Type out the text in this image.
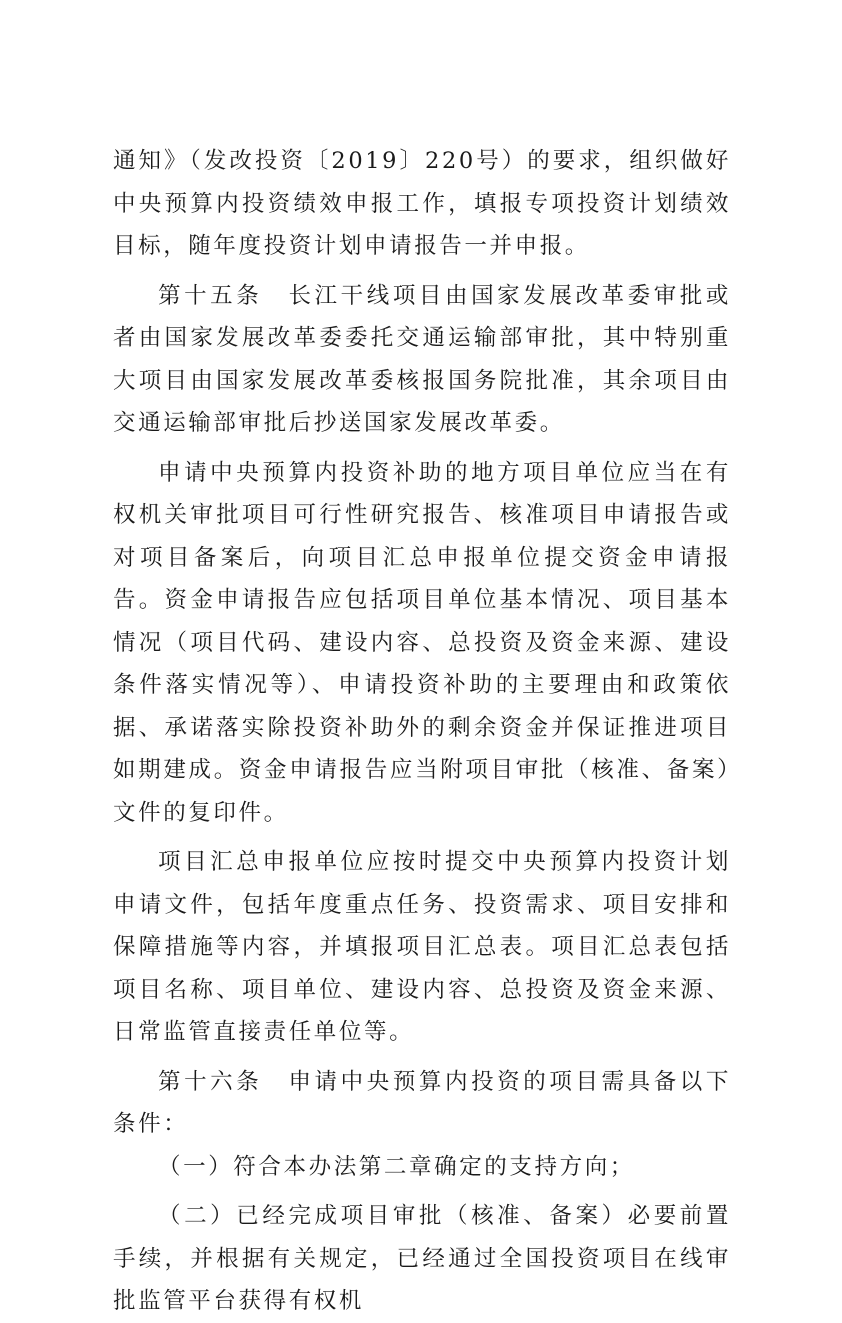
通知》（发改投资〔2019〕220号）的要求，组织做好中央预算内投资绩效申报工作，填报专项投资计划绩效目标，随年度投资计划申请报告一并申报。

第十五条　长江干线项目由国家发展改革委审批或者由国家发展改革委委托交通运输部审批，其中特别重大项目由国家发展改革委核报国务院批准，其余项目由交通运输部审批后抄送国家发展改革委。

申请中央预算内投资补助的地方项目单位应当在有权机关审批项目可行性研究报告、核准项目申请报告或对项目备案后，向项目汇总申报单位提交资金申请报告。资金申请报告应包括项目单位基本情况、项目基本情况（项目代码、建设内容、总投资及资金来源、建设条件落实情况等）、申请投资补助的主要理由和政策依据、承诺落实除投资补助外的剩余资金并保证推进项目如期建成。资金申请报告应当附项目审批（核准、备案）文件的复印件。

项目汇总申报单位应按时提交中央预算内投资计划申请文件，包括年度重点任务、投资需求、项目安排和保障措施等内容，并填报项目汇总表。项目汇总表包括项目名称、项目单位、建设内容、总投资及资金来源、日常监管直接责任单位等。

第十六条　申请中央预算内投资的项目需具备以下条件：

（一）符合本办法第二章确定的支持方向；

（二）已经完成项目审批（核准、备案）必要前置手续，并根据有关规定，已经通过全国投资项目在线审批监管平台获得有权机
